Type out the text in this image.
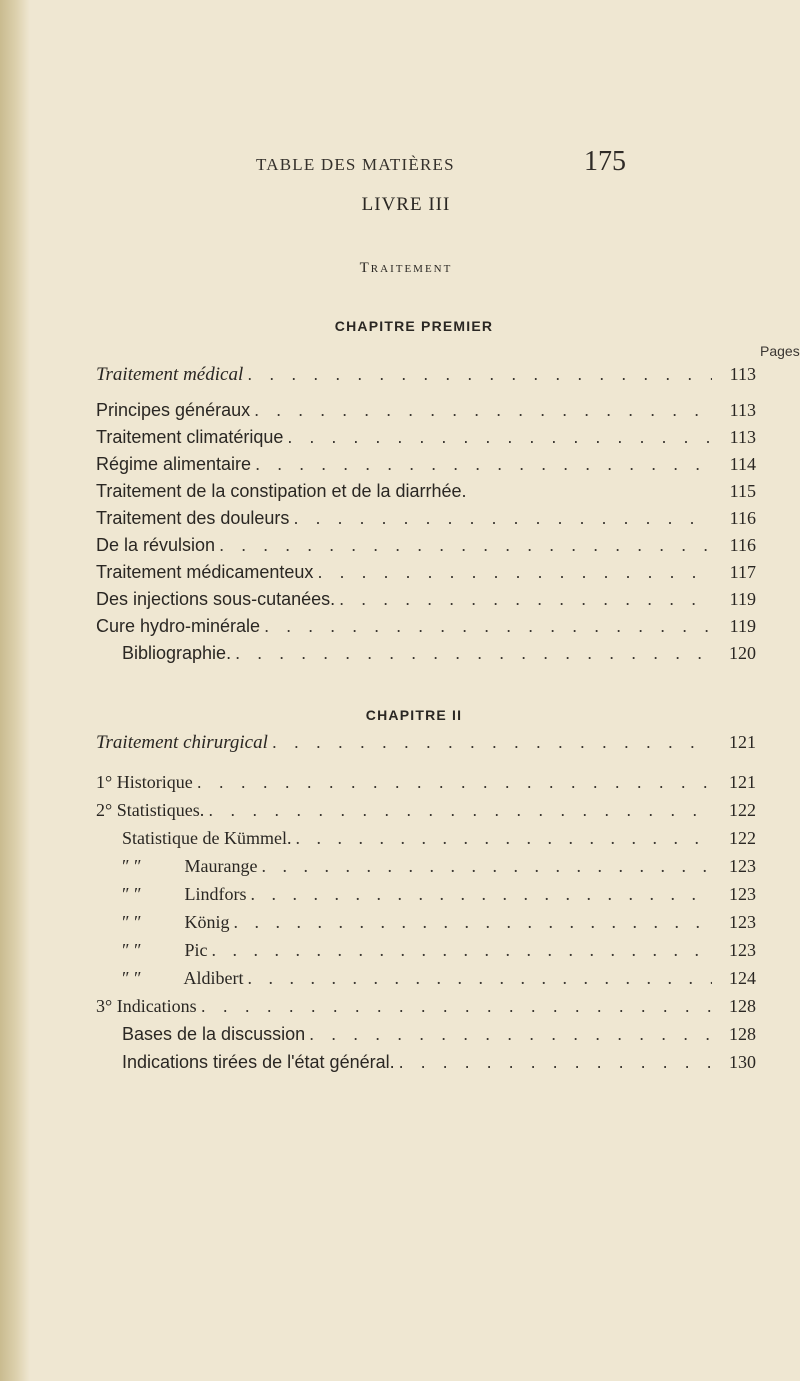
TABLE DES MATIÈRES	175
LIVRE III
Traitement
CHAPITRE PREMIER
Pages
Traitement médical . . .	113
Principes généraux . . .	113
Traitement climatérique . . .	113
Régime alimentaire . . .	114
Traitement de la constipation et de la diarrhée.	115
Traitement des douleurs . . .	116
De la révulsion . . .	116
Traitement médicamenteux . . .	117
Des injections sous-cutanées. . . .	119
Cure hydro-minérale . . .	119
Bibliographie. . . .	120
CHAPITRE II
Traitement chirurgical . . .	121
1° Historique . . .	121
2° Statistiques. . . .	122
Statistique de Kümmel. . . .	122
″ ″ Maurange . . .	123
″ ″ Lindfors . . .	123
″ ″ König . . .	123
″ ″ Pic . . .	123
″ ″ Aldibert . . .	124
3° Indications . . .	128
Bases de la discussion . . .	128
Indications tirées de l'état général. . . .	130
